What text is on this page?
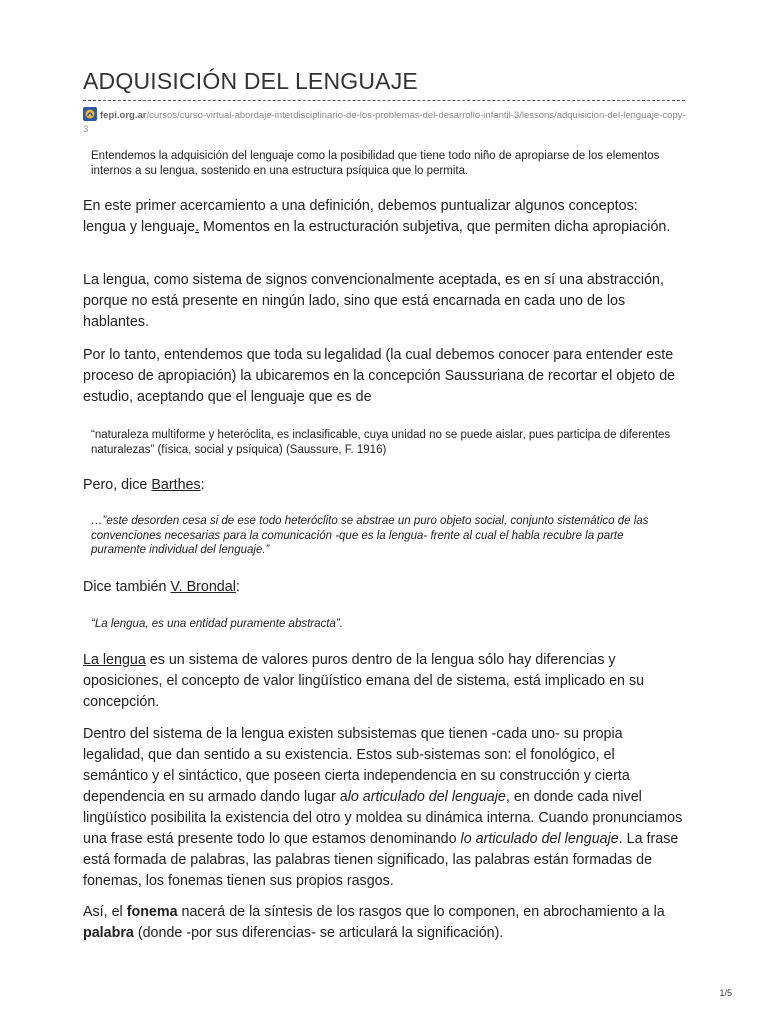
ADQUISICIÓN DEL LENGUAJE
fepi.org.ar/cursos/curso-virtual-abordaje-interdisciplinario-de-los-problemas-del-desarrollo-infantil-3/lessons/adquisicion-del-lenguaje-copy-3
Entendemos la adquisición del lenguaje como la posibilidad que tiene todo niño de apropiarse de los elementos internos a su lengua, sostenido en una estructura psíquica que lo permita.

En este primer acercamiento a una definición, debemos puntualizar algunos conceptos: lengua y lenguaje. Momentos en la estructuración subjetiva, que permiten dicha apropiación.

La lengua, como sistema de signos convencionalmente aceptada, es en sí una abstracción, porque no está presente en ningún lado, sino que está encarnada en cada uno de los hablantes.

Por lo tanto, entendemos que toda su legalidad (la cual debemos conocer para entender este proceso de apropiación) la ubicaremos en la concepción Saussuriana de recortar el objeto de estudio, aceptando que el lenguaje que es de

“naturaleza multiforme y heteróclita, es inclasificable, cuya unidad no se puede aislar, pues participa de diferentes naturalezas” (física, social y psíquica) (Saussure, F. 1916)

Pero, dice Barthes:

…”este desorden cesa si de ese todo heteróclito se abstrae un puro objeto social, conjunto sistemático de las convenciones necesarias para la comunicación -que es la lengua- frente al cual el habla recubre la parte puramente individual del lenguaje.”

Dice también V. Brondal:

“La lengua, es una entidad puramente abstracta”.

La lengua es un sistema de valores puros dentro de la lengua sólo hay diferencias y oposiciones, el concepto de valor lingüístico emana del de sistema, está implicado en su concepción.

Dentro del sistema de la lengua existen subsistemas que tienen -cada uno- su propia legalidad, que dan sentido a su existencia. Estos sub-sistemas son: el fonológico, el semántico y el sintáctico, que poseen cierta independencia en su construcción y cierta dependencia en su armado dando lugar alo articulado del lenguaje, en donde cada nivel lingüístico posibilita la existencia del otro y moldea su dinámica interna. Cuando pronunciamos una frase está presente todo lo que estamos denominando lo articulado del lenguaje. La frase está formada de palabras, las palabras tienen significado, las palabras están formadas de fonemas, los fonemas tienen sus propios rasgos.

Así, el fonema nacerá de la síntesis de los rasgos que lo componen, en abrochamiento a la palabra (donde -por sus diferencias- se articulará la significación).

1/5
